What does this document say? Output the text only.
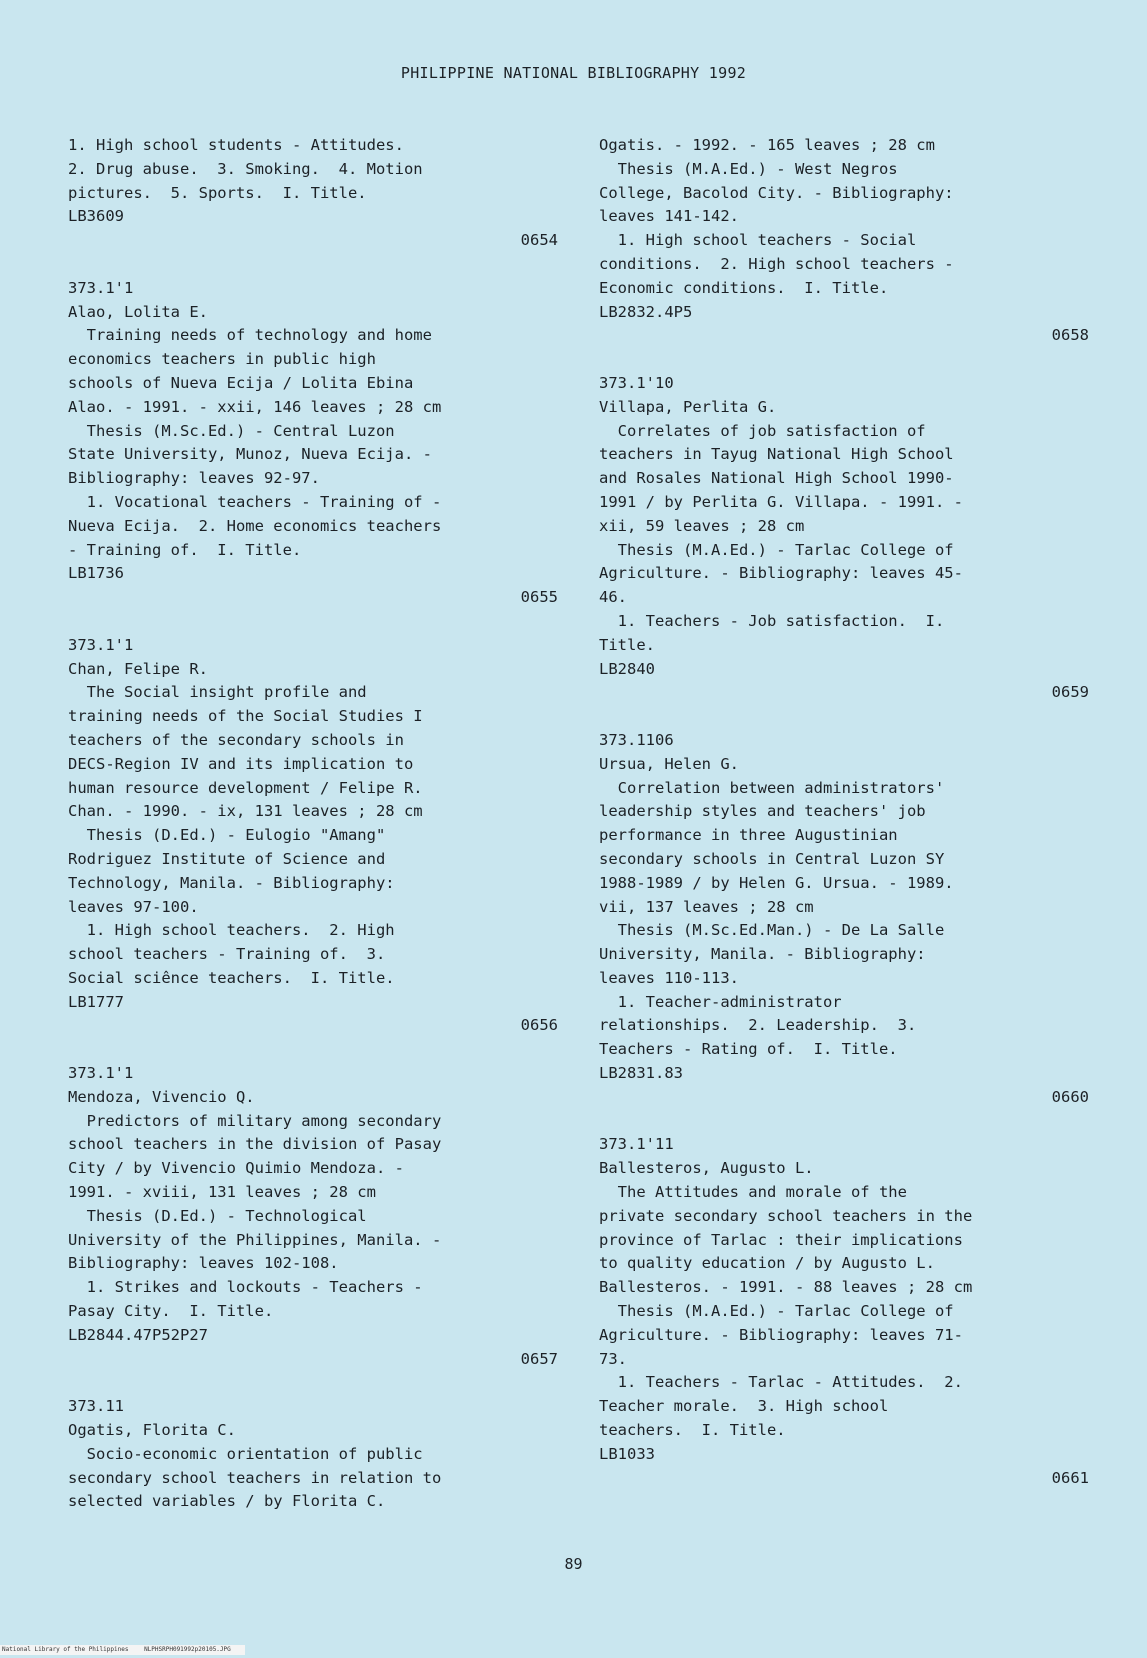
PHILIPPINE NATIONAL BIBLIOGRAPHY 1992
1. High school students - Attitudes.
2. Drug abuse.  3. Smoking.  4. Motion
pictures.  5. Sports.  I. Title.
LB3609
0654
373.1'1
Alao, Lolita E.
Training needs of technology and home
economics teachers in public high
schools of Nueva Ecija / Lolita Ebina
Alao. - 1991. - xxii, 146 leaves ; 28 cm
Thesis (M.Sc.Ed.) - Central Luzon
State University, Munoz, Nueva Ecija. -
Bibliography: leaves 92-97.
1. Vocational teachers - Training of -
Nueva Ecija.  2. Home economics teachers
- Training of.  I. Title.
LB1736
0655
373.1'1
Chan, Felipe R.
The Social insight profile and
training needs of the Social Studies I
teachers of the secondary schools in
DECS-Region IV and its implication to
human resource development / Felipe R.
Chan. - 1990. - ix, 131 leaves ; 28 cm
Thesis (D.Ed.) - Eulogio "Amang"
Rodriguez Institute of Science and
Technology, Manila. - Bibliography:
leaves 97-100.
1. High school teachers.  2. High
school teachers - Training of.  3.
Social sciênce teachers.  I. Title.
LB1777
0656
373.1'1
Mendoza, Vivencio Q.
Predictors of military among secondary
school teachers in the division of Pasay
City / by Vivencio Quimio Mendoza. -
1991. - xviii, 131 leaves ; 28 cm
Thesis (D.Ed.) - Technological
University of the Philippines, Manila. -
Bibliography: leaves 102-108.
1. Strikes and lockouts - Teachers -
Pasay City.  I. Title.
LB2844.47P52P27
0657
373.11
Ogatis, Florita C.
Socio-economic orientation of public
secondary school teachers in relation to
selected variables / by Florita C.
Ogatis. - 1992. - 165 leaves ; 28 cm
Thesis (M.A.Ed.) - West Negros
College, Bacolod City. - Bibliography:
leaves 141-142.
1. High school teachers - Social
conditions.  2. High school teachers -
Economic conditions.  I. Title.
LB2832.4P5
0658
373.1'10
Villapa, Perlita G.
Correlates of job satisfaction of
teachers in Tayug National High School
and Rosales National High School 1990-
1991 / by Perlita G. Villapa. - 1991. -
xii, 59 leaves ; 28 cm
Thesis (M.A.Ed.) - Tarlac College of
Agriculture. - Bibliography: leaves 45-
46.
1. Teachers - Job satisfaction.  I.
Title.
LB2840
0659
373.1106
Ursua, Helen G.
Correlation between administrators'
leadership styles and teachers' job
performance in three Augustinian
secondary schools in Central Luzon SY
1988-1989 / by Helen G. Ursua. - 1989.
vii, 137 leaves ; 28 cm
Thesis (M.Sc.Ed.Man.) - De La Salle
University, Manila. - Bibliography:
leaves 110-113.
1. Teacher-administrator
relationships.  2. Leadership.  3.
Teachers - Rating of.  I. Title.
LB2831.83
0660
373.1'11
Ballesteros, Augusto L.
The Attitudes and morale of the
private secondary school teachers in the
province of Tarlac : their implications
to quality education / by Augusto L.
Ballesteros. - 1991. - 88 leaves ; 28 cm
Thesis (M.A.Ed.) - Tarlac College of
Agriculture. - Bibliography: leaves 71-
73.
1. Teachers - Tarlac - Attitudes.  2.
Teacher morale.  3. High school
teachers.  I. Title.
LB1033
0661
89
National Library of the Philippines	NLPHSRPH091992p20105.JPG
